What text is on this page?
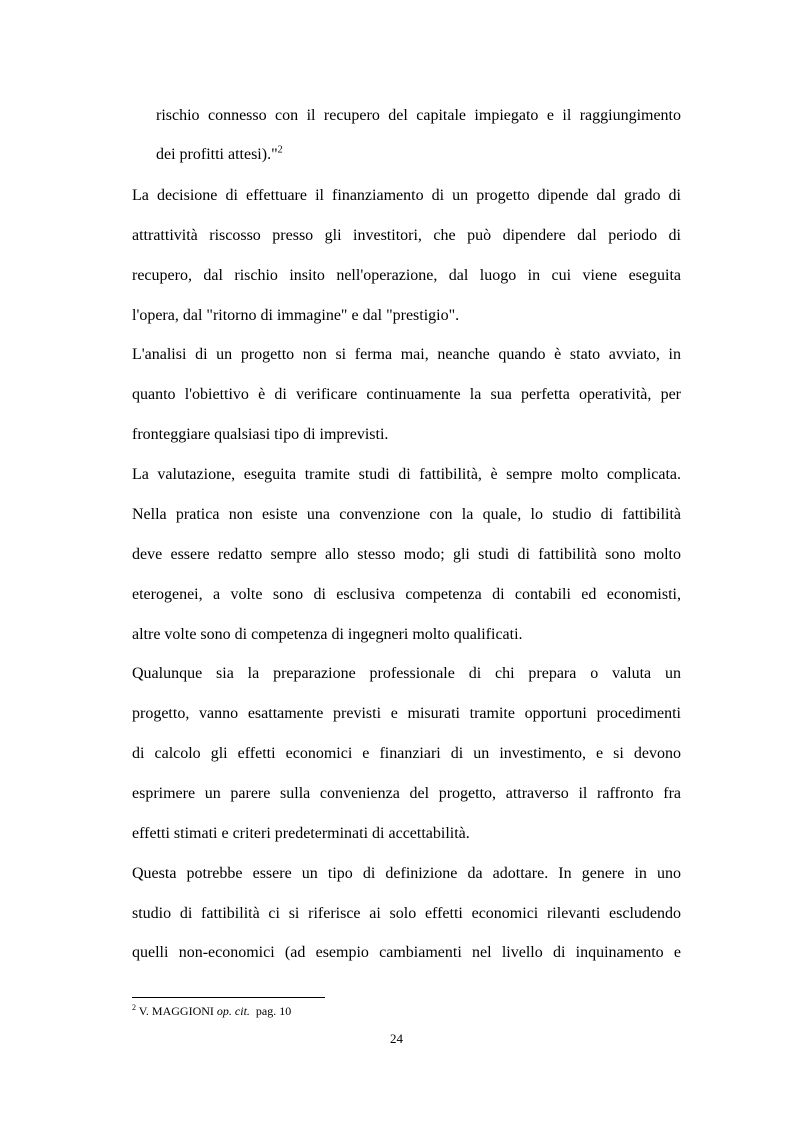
rischio connesso con il recupero del capitale impiegato e il raggiungimento
dei profitti attesi)."$^2$
La decisione di effettuare il finanziamento di un progetto dipende dal grado di
attrattività riscosso presso gli investitori, che può dipendere dal periodo di
recupero, dal rischio insito nell'operazione, dal luogo in cui viene eseguita
l'opera, dal "ritorno di immagine" e dal "prestigio".
L'analisi di un progetto non si ferma mai, neanche quando è stato avviato, in
quanto l'obiettivo è di verificare continuamente la sua perfetta operatività, per
fronteggiare qualsiasi tipo di imprevisti.
La valutazione, eseguita tramite studi di fattibilità, è sempre molto complicata.
Nella pratica non esiste una convenzione con la quale, lo studio di fattibilità
deve essere redatto sempre allo stesso modo; gli studi di fattibilità sono molto
eterogenei, a volte sono di esclusiva competenza di contabili ed economisti,
altre volte sono di competenza di ingegneri molto qualificati.
Qualunque sia la preparazione professionale di chi prepara o valuta un
progetto, vanno esattamente previsti e misurati tramite opportuni procedimenti
di calcolo gli effetti economici e finanziari di un investimento, e si devono
esprimere un parere sulla convenienza del progetto, attraverso il raffronto fra
effetti stimati e criteri predeterminati di accettabilità.
Questa potrebbe essere un tipo di definizione da adottare. In genere in uno
studio di fattibilità ci si riferisce ai solo effetti economici rilevanti escludendo
quelli non-economici (ad esempio cambiamenti nel livello di inquinamento e
$^2$ V. MAGGIONI op. cit. pag. 10
24
